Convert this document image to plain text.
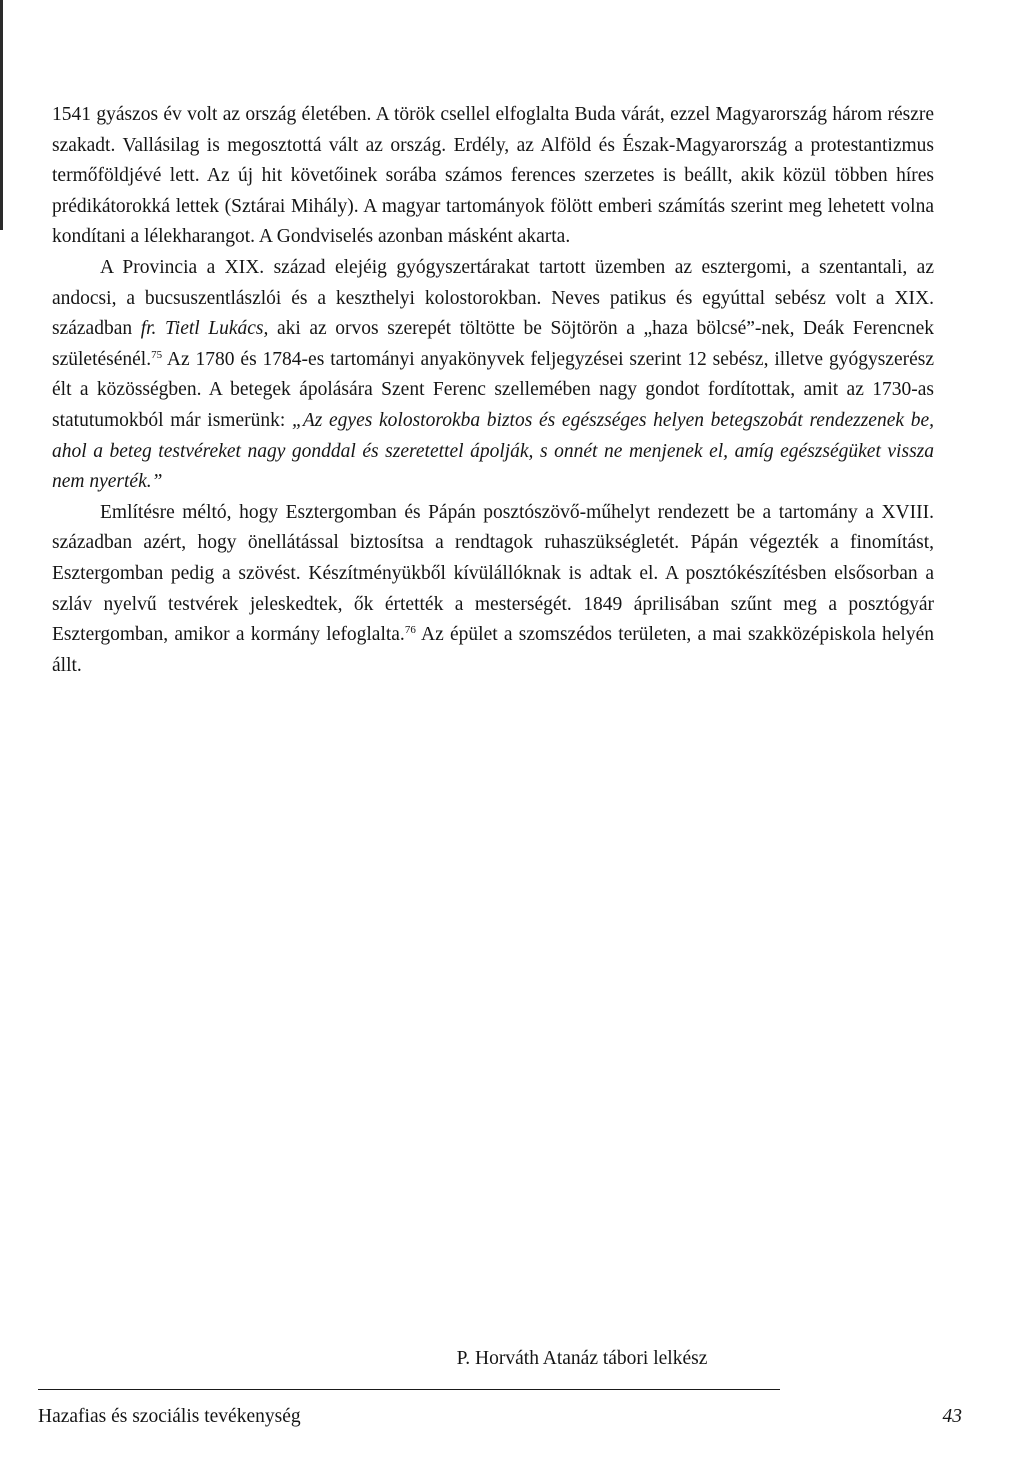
1541 gyászos év volt az ország életében. A török csellel elfoglalta Buda várát, ezzel Magyarország három részre szakadt. Vallásilag is megosztottá vált az ország. Erdély, az Alföld és Észak-Magyarország a protestantizmus termőföldjévé lett. Az új hit követőinek sorába számos ferences szerzetes is beállt, akik közül többen híres prédikátorokká lettek (Sztárai Mihály). A magyar tartományok fölött emberi számítás szerint meg lehetett volna kondítani a lélekharangot. A Gondviselés azonban másként akarta.

A Provincia a XIX. század elejéig gyógyszertárakat tartott üzemben az esztergomi, a szentantali, az andocsi, a bucsuszentlászlói és a keszthelyi kolostorokban. Neves patikus és egyúttal sebész volt a XIX. században fr. Tietl Lukács, aki az orvos szerepét töltötte be Söjtörön a „haza bölcsé”-nek, Deák Ferencnek születésénél.$^{75}$ Az 1780 és 1784-es tartományi anyakönyvek feljegyzései szerint 12 sebész, illetve gyógyszerész élt a közösségben. A betegek ápolására Szent Ferenc szellemében nagy gondot fordítottak, amit az 1730-as statutumokból már ismerünk: „Az egyes kolostorokba biztos és egészséges helyen betegszobát rendezzenek be, ahol a beteg testvéreket nagy gonddal és szeretettel ápolják, s onnét ne menjenek el, amíg egészségüket vissza nem nyerték.”

Említésre méltó, hogy Esztergomban és Pápán posztószövő-műhelyt rendezett be a tartomány a XVIII. században azért, hogy önellátással biztosítsa a rendtagok ruhaszükségletét. Pápán végezték a finomítást, Esztergomban pedig a szövést. Készítményükből kívülállóknak is adtak el. A posztókészítésben elsősorban a szláv nyelvű testvérek jeleskedtek, ők értették a mesterségét. 1849 áprilisában szűnt meg a posztógyár Esztergomban, amikor a kormány lefoglalta.$^{76}$ Az épület a szomszédos területen, a mai szakközépiskola helyén állt.

P. Horváth Atanáz tábori lelkész
Hazafias és szociális tevékenység	43
